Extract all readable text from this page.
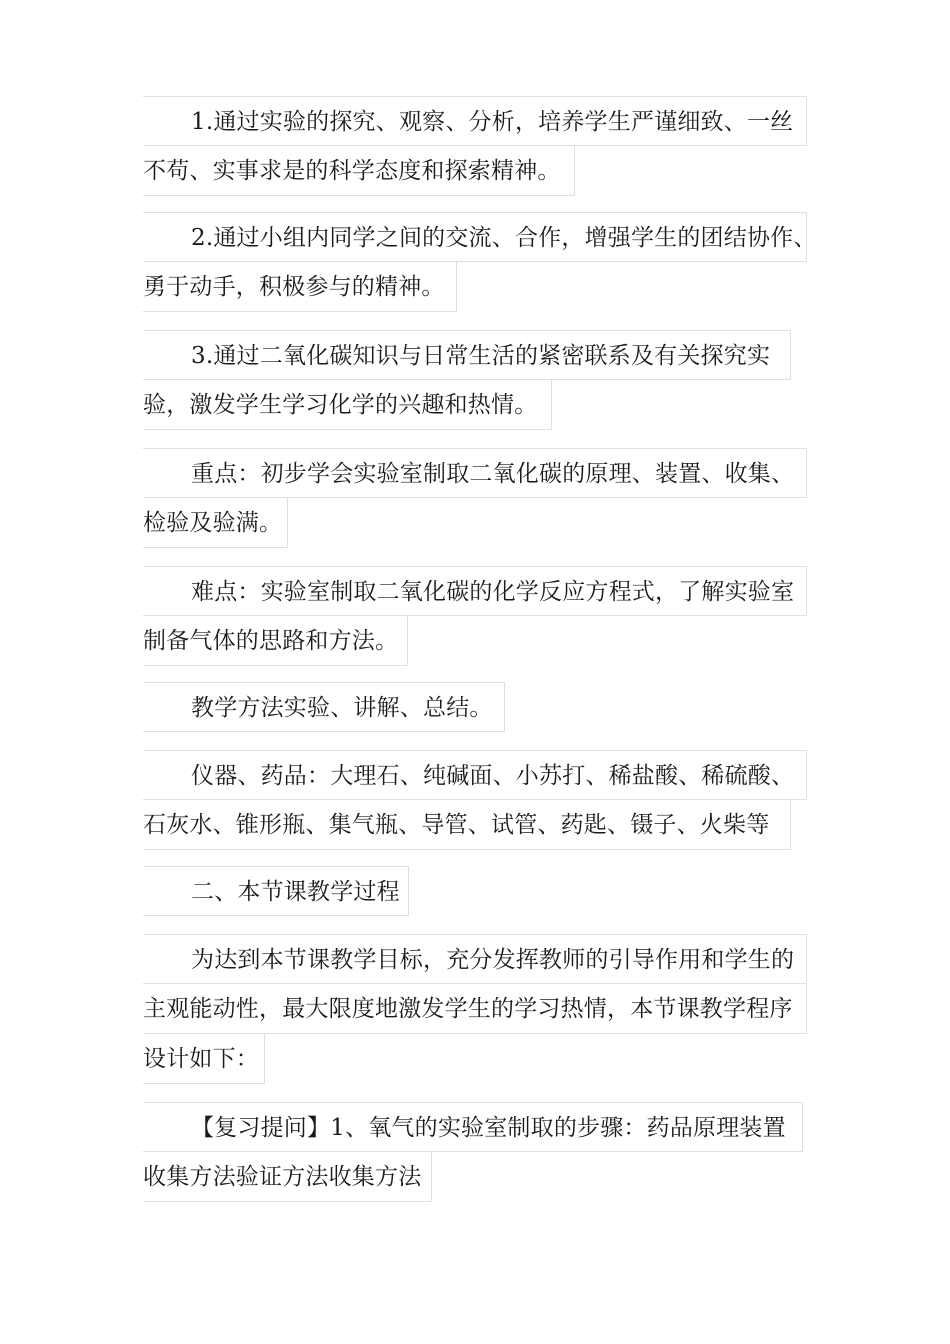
1.通过实验的探究、观察、分析，培养学生严谨细致、一丝
不苟、实事求是的科学态度和探索精神。
2.通过小组内同学之间的交流、合作，增强学生的团结协作、
勇于动手，积极参与的精神。
3.通过二氧化碳知识与日常生活的紧密联系及有关探究实
验，激发学生学习化学的兴趣和热情。
重点：初步学会实验室制取二氧化碳的原理、装置、收集、
检验及验满。
难点：实验室制取二氧化碳的化学反应方程式，了解实验室
制备气体的思路和方法。
教学方法实验、讲解、总结。
仪器、药品：大理石、纯碱面、小苏打、稀盐酸、稀硫酸、
石灰水、锥形瓶、集气瓶、导管、试管、药匙、镊子、火柴等
二、本节课教学过程
为达到本节课教学目标，充分发挥教师的引导作用和学生的
主观能动性，最大限度地激发学生的学习热情，本节课教学程序
设计如下：
【复习提问】1、氧气的实验室制取的步骤：药品原理装置
收集方法验证方法收集方法
